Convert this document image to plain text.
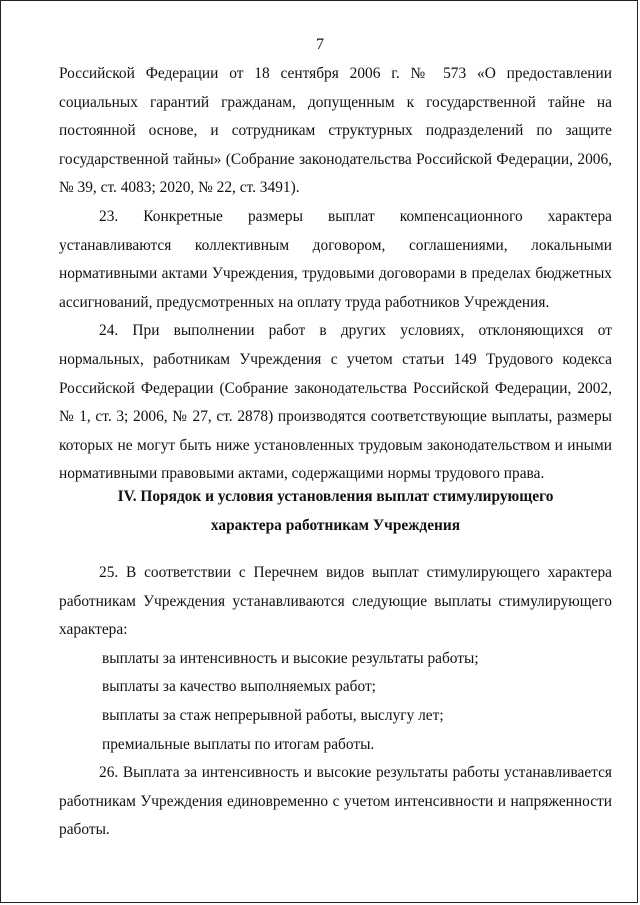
7

Российской Федерации от 18 сентября 2006 г. № 573 «О предоставлении социальных гарантий гражданам, допущенным к государственной тайне на постоянной основе, и сотрудникам структурных подразделений по защите государственной тайны» (Собрание законодательства Российской Федерации, 2006, № 39, ст. 4083; 2020, № 22, ст. 3491).

23. Конкретные размеры выплат компенсационного характера устанавливаются коллективным договором, соглашениями, локальными нормативными актами Учреждения, трудовыми договорами в пределах бюджетных ассигнований, предусмотренных на оплату труда работников Учреждения.

24. При выполнении работ в других условиях, отклоняющихся от нормальных, работникам Учреждения с учетом статьи 149 Трудового кодекса Российской Федерации (Собрание законодательства Российской Федерации, 2002, № 1, ст. 3; 2006, № 27, ст. 2878) производятся соответствующие выплаты, размеры которых не могут быть ниже установленных трудовым законодательством и иными нормативными правовыми актами, содержащими нормы трудового права.

IV. Порядок и условия установления выплат стимулирующего
характера работникам Учреждения

25. В соответствии с Перечнем видов выплат стимулирующего характера работникам Учреждения устанавливаются следующие выплаты стимулирующего характера:

выплаты за интенсивность и высокие результаты работы;

выплаты за качество выполняемых работ;

выплаты за стаж непрерывной работы, выслугу лет;

премиальные выплаты по итогам работы.

26. Выплата за интенсивность и высокие результаты работы устанавливается работникам Учреждения единовременно с учетом интенсивности и напряженности работы.
